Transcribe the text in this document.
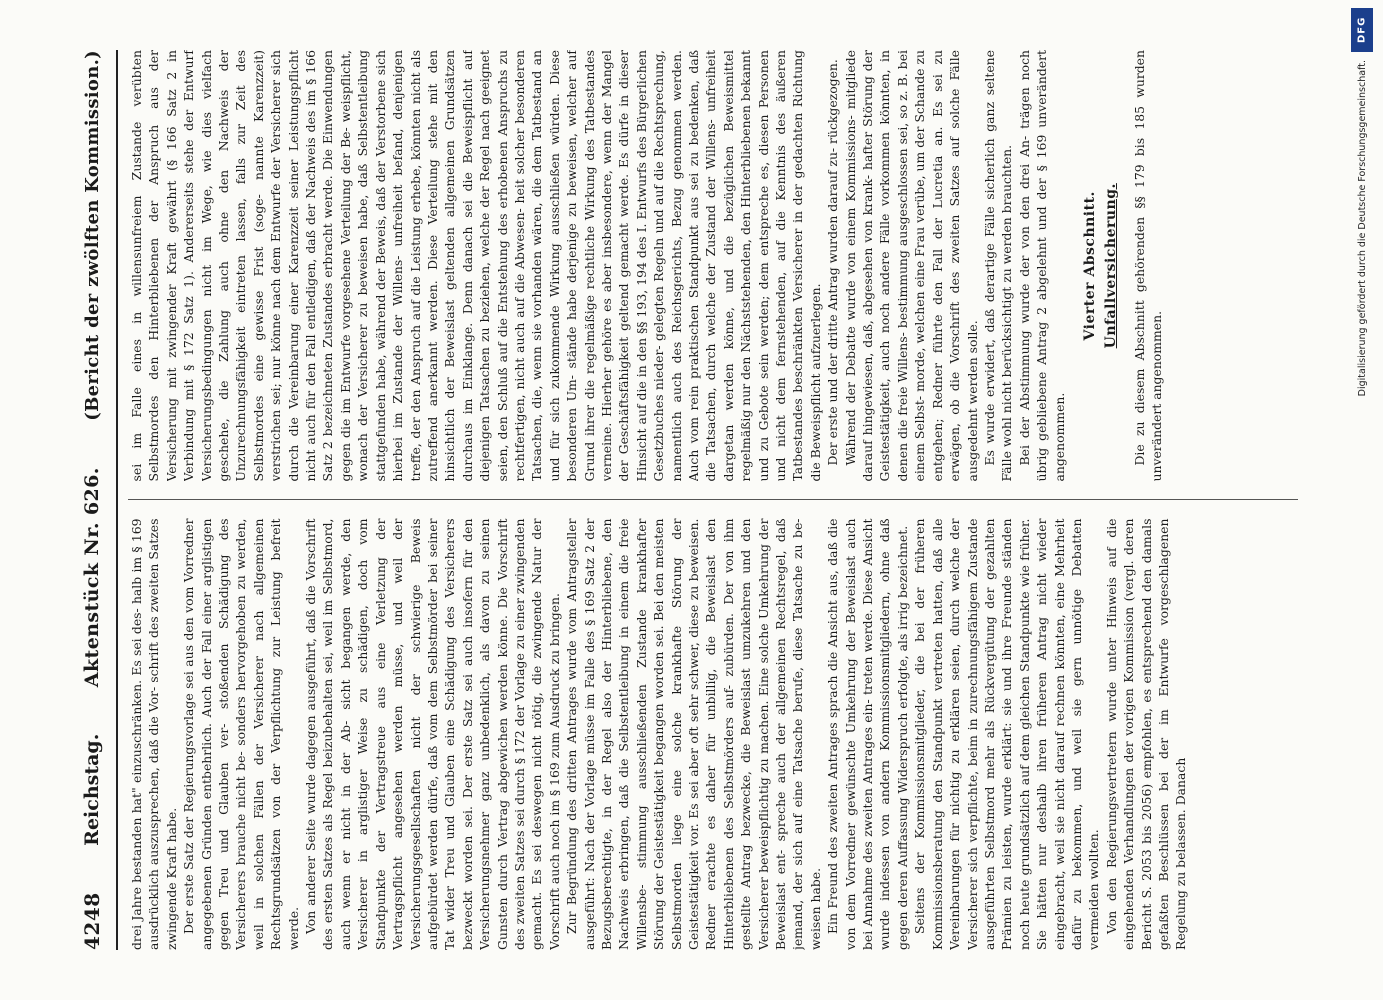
4248
Reichstag.
Aktenstück Nr. 626.
(Bericht der zwölften Kommission.)

drei Jahre bestanden hat" einzuschränken. Es sei des- halb im § 169 ausdrücklich auszusprechen, daß die Vor- schrift des zweiten Satzes zwingende Kraft habe. Der erste Satz der Regierungsvorlage sei aus den vom Vorredner angegebenen Gründen entbehrlich. Auch der Fall einer arglistigen gegen Treu und Glauben ver- stoßenden Schädigung des Versicherers brauche nicht be- sonders hervorgehoben zu werden, weil in solchen Fällen der Versicherer nach allgemeinen Rechtsgrundsätzen von der Verpflichtung zur Leistung befreit werde. Von anderer Seite wurde dagegen ausgeführt, daß die Vorschrift des ersten Satzes als Regel beizubehalten sei, weil im Selbstmord, auch wenn er nicht in der Ab- sicht begangen werde, den Versicherer in arglistiger Weise zu schädigen, doch vom Standpunkte der Vertragstreue aus eine Verletzung der Vertragspflicht angesehen werden müsse, und weil der Versicherungsgesellschaften nicht der schwierige Beweis aufgebürdet werden dürfe, daß vom dem Selbstmörder bei seiner Tat wider Treu und Glauben eine Schädigung des Versicherers bezweckt worden sei. Der erste Satz sei auch insofern für den Versicherungsnehmer ganz unbedenklich, als davon zu seinen Gunsten durch Vertrag abgewichen werden könne. Die Vorschrift des zweiten Satzes sei durch § 172 der Vorlage zu einer zwingenden gemacht. Es sei deswegen nicht nötig, die zwingende Natur der Vorschrift auch noch im § 169 zum Ausdruck zu bringen. Zur Begründung des dritten Antrages wurde vom Antragsteller ausgeführt: Nach der Vorlage müsse im Falle des § 169 Satz 2 der Bezugsberechtigte, in der Regel also der Hinterbliebene, den Nachweis erbringen, daß die Selbstentleibung in einem die freie Willensbe- stimmung ausschließenden Zustande krankhafter Störung der Geistestätigkeit begangen worden sei. Bei den meisten Selbstmorden liege eine solche krankhafte Störung der Geistestätigkeit vor. Es sei aber oft sehr schwer, diese zu beweisen. Redner erachte es daher für unbillig, die Beweislast den Hinterbliebenen des Selbstmörders auf- zubürden. Der von ihm gestellte Antrag bezwecke, die Beweislast umzukehren und den Versicherer beweispflichtig zu machen. Eine solche Umkehrung der Beweislast ent- spreche auch der allgemeinen Rechtsregel, daß jemand, der sich auf eine Tatsache berufe, diese Tatsache zu be- weisen habe. Ein Freund des zweiten Antrages sprach die Ansicht aus, daß die von dem Vorredner gewünschte Umkehrung der Beweislast auch bei Annahme des zweiten Antrages ein- treten werde. Diese Ansicht wurde indessen von andern Kommissionsmitgliedern, ohne daß gegen deren Auffassung Widerspruch erfolgte, als irrig bezeichnet. Seitens der Kommissionsmitglieder, die bei der früheren Kommissionsberatung den Standpunkt vertreten hatten, daß alle Vereinbarungen für nichtig zu erklären seien, durch welche der Versicherer sich verpflichte, beim in zurechnungsfähigem Zustande ausgeführten Selbstmord mehr als Rückvergütung der gezahlten Prämien zu leisten, wurde erklärt: sie und ihre Freunde ständen noch heute grundsätzlich auf dem gleichen Standpunkte wie früher. Sie hätten nur deshalb ihren früheren Antrag nicht wieder eingebracht, weil sie nicht darauf rechnen könnten, eine Mehrheit dafür zu bekommen, und weil sie gern unnötige Debatten vermeiden wollten. Von den Regierungsvertretern wurde unter Hinweis auf die eingehenden Verhandlungen der vorigen Kommission (vergl. deren Bericht S. 2053 bis 2056) empfohlen, es entsprechend den damals gefaßten Beschlüssen bei der im Entwurfe vorgeschlagenen Regelung zu belassen. Danach

sei im Falle eines in willensunfreiem Zustande verübten Selbstmordes den Hinterbliebenen der Anspruch aus der Versicherung mit zwingender Kraft gewährt (§ 166 Satz 2 in Verbindung mit § 172 Satz 1). Andererseits stehe der Entwurf Versicherungsbedingungen nicht im Wege, wie dies vielfach geschehe, die Zahlung auch ohne den Nachweis der Unzurechnungsfähigkeit eintreten lassen, falls zur Zeit des Selbstmordes eine gewisse Frist (soge- nannte Karenzzeit) verstrichen sei; nur könne nach dem Entwurfe der Versicherer sich durch die Vereinbarung einer Karenzzeit seiner Leistungspflicht nicht auch für den Fall entledigen, daß der Nachweis des im § 166 Satz 2 bezeichneten Zustandes erbracht werde. Die Einwendungen gegen die im Entwurfe vorgesehene Verteilung der Be- weispflicht, wonach der Versicherer zu beweisen habe, daß Selbstentleibung stattgefunden habe, während der Beweis, daß der Verstorbene sich hierbei im Zustande der Willens- unfreiheit befand, denjenigen treffe, der den Anspruch auf die Leistung erhebe, könnten nicht als zutreffend anerkannt werden. Diese Verteilung stehe mit den hinsichtlich der Beweislast geltenden allgemeinen Grundsätzen durchaus im Einklange. Denn danach sei die Beweispflicht auf diejenigen Tatsachen zu beziehen, welche der Regel nach geeignet seien, den Schluß auf die Entstehung des erhobenen Anspruchs zu rechtfertigen, nicht auch auf die Abwesen- heit solcher besonderen Tatsachen, die, wenn sie vorhanden wären, die dem Tatbestand an und für sich zukommende Wirkung ausschließen würden. Diese besonderen Um- stände habe derjenige zu beweisen, welcher auf Grund ihrer die regelmäßige rechtliche Wirkung des Tatbestandes verneine. Hierher gehöre es aber insbesondere, wenn der Mangel der Geschäftsfähigkeit geltend gemacht werde. Es dürfe in dieser Hinsicht auf die in den §§ 193, 194 des I. Entwurfs des Bürgerlichen Gesetzbuches nieder- gelegten Regeln und auf die Rechtsprechung, namentlich auch des Reichsgerichts, Bezug genommen werden. Auch vom rein praktischen Standpunkt aus sei zu bedenken, daß die Tatsachen, durch welche der Zustand der Willens- unfreiheit dargetan werden könne, und die bezüglichen Beweismittel regelmäßig nur den Nächststehenden, den Hinterbliebenen bekannt und zu Gebote sein werden; dem entspreche es, diesen Personen und nicht dem fernstehenden, auf die Kenntnis des äußeren Tatbestandes beschränkten Versicherer in der gedachten Richtung die Beweispflicht aufzuerlegen. Der erste und der dritte Antrag wurden darauf zu- rückgezogen. Während der Debatte wurde von einem Kommissions- mitgliede darauf hingewiesen, daß, abgesehen von krank- hafter Störung der Geistestätigkeit, auch noch andere Fälle vorkommen könnten, in denen die freie Willens- bestimmung ausgeschlossen sei, so z. B. bei einem Selbst- morde, welchen eine Frau verübe, um der Schande zu entgehen; Redner führte den Fall der Lucretia an. Es sei zu erwägen, ob die Vorschrift des zweiten Satzes auf solche Fälle ausgedehnt werden solle. Es wurde erwidert, daß derartige Fälle sicherlich ganz seltene Fälle wohl nicht berücksichtigt zu werden brauchten. Bei der Abstimmung wurde der von den drei An- trägen noch übrig gebliebene Antrag 2 abgelehnt und der § 169 unverändert angenommen.

Vierter Abschnitt. Unfallversicherung. Die zu diesem Abschnitt gehörenden §§ 179 bis 185 wurden unverändert angenommen.

DFG
Digitalisierung gefördert durch die Deutsche Forschungsgemeinschaft.
